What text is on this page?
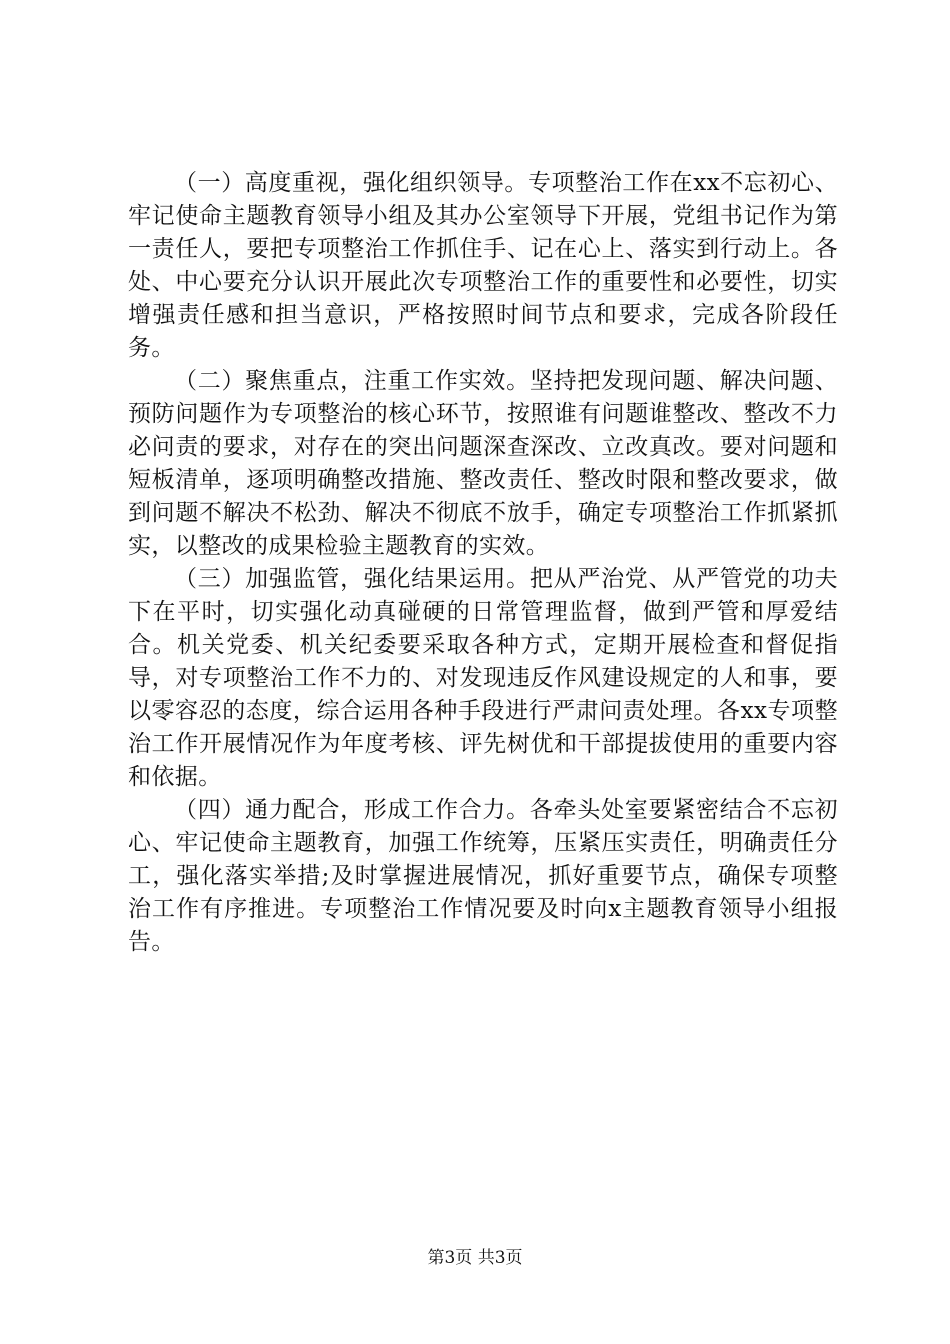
（一）高度重视，强化组织领导。专项整治工作在xx不忘初心、牢记使命主题教育领导小组及其办公室领导下开展，党组书记作为第一责任人，要把专项整治工作抓住手、记在心上、落实到行动上。各处、中心要充分认识开展此次专项整治工作的重要性和必要性，切实增强责任感和担当意识，严格按照时间节点和要求，完成各阶段任务。

（二）聚焦重点，注重工作实效。坚持把发现问题、解决问题、预防问题作为专项整治的核心环节，按照谁有问题谁整改、整改不力必问责的要求，对存在的突出问题深查深改、立改真改。要对问题和短板清单，逐项明确整改措施、整改责任、整改时限和整改要求，做到问题不解决不松劲、解决不彻底不放手，确定专项整治工作抓紧抓实，以整改的成果检验主题教育的实效。

（三）加强监管，强化结果运用。把从严治党、从严管党的功夫下在平时，切实强化动真碰硬的日常管理监督，做到严管和厚爱结合。机关党委、机关纪委要采取各种方式，定期开展检查和督促指导，对专项整治工作不力的、对发现违反作风建设规定的人和事，要以零容忍的态度，综合运用各种手段进行严肃问责处理。各xx专项整治工作开展情况作为年度考核、评先树优和干部提拔使用的重要内容和依据。

（四）通力配合，形成工作合力。各牵头处室要紧密结合不忘初心、牢记使命主题教育，加强工作统筹，压紧压实责任，明确责任分工，强化落实举措;及时掌握进展情况，抓好重要节点，确保专项整治工作有序推进。专项整治工作情况要及时向x主题教育领导小组报告。

第3页 共3页
